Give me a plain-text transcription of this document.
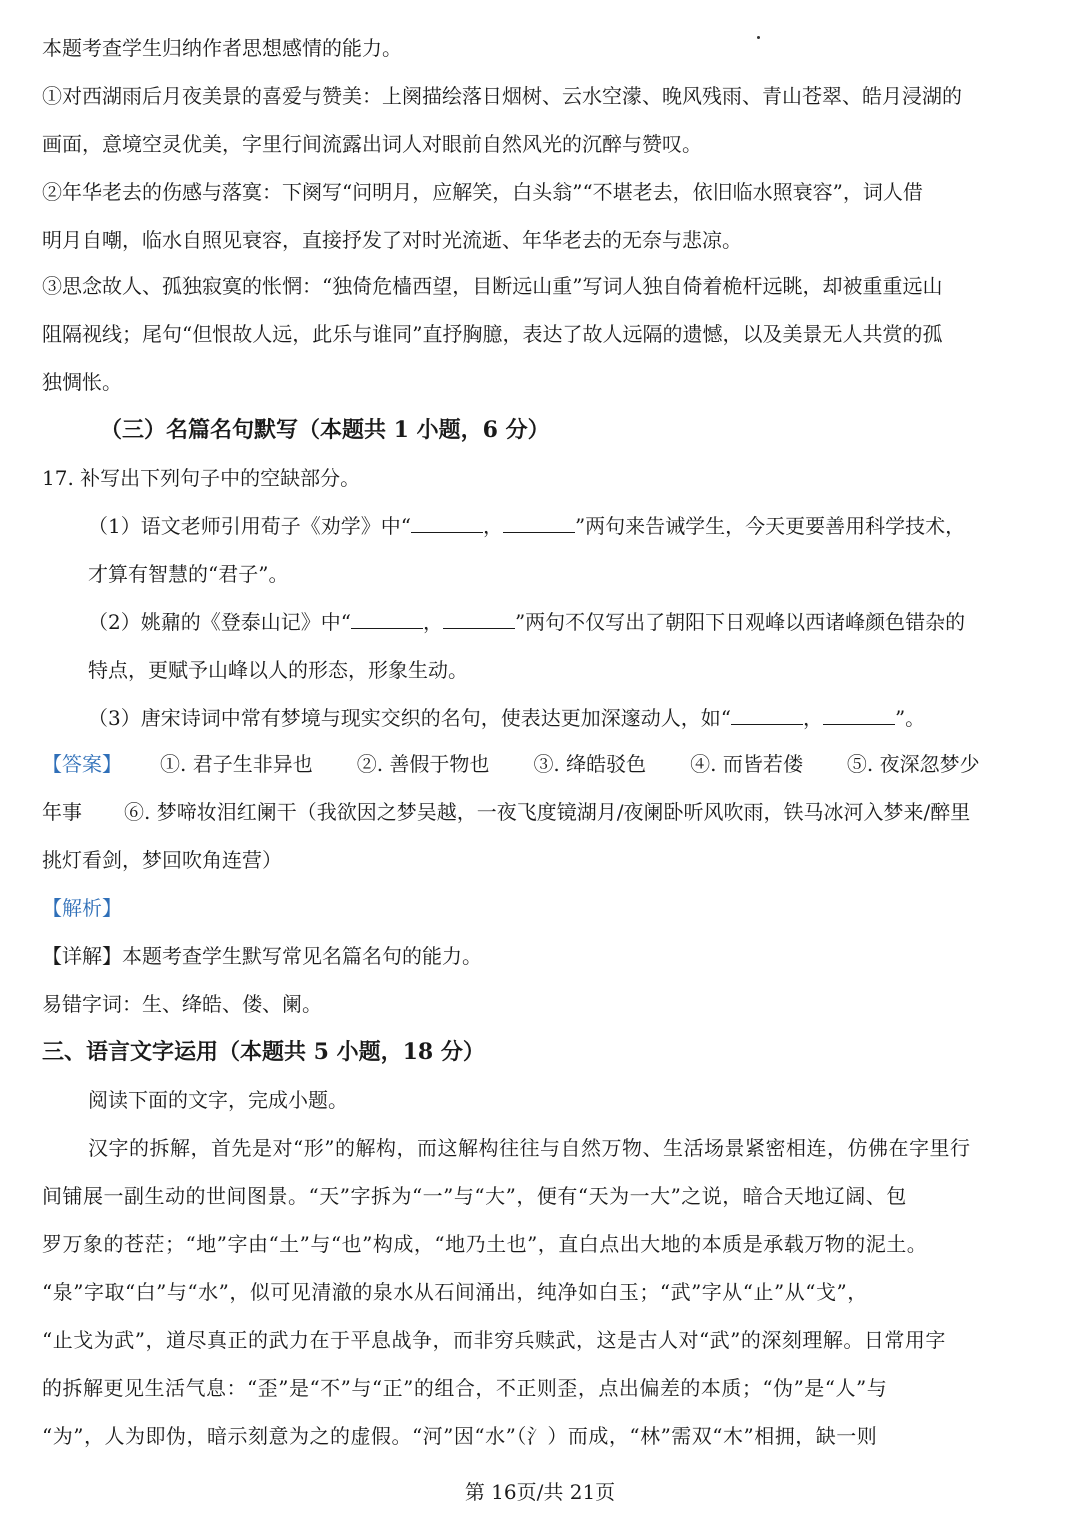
本题考查学生归纳作者思想感情的能力。
①对西湖雨后月夜美景的喜爱与赞美：上阕描绘落日烟树、云水空濛、晚风残雨、青山苍翠、皓月浸湖的
画面，意境空灵优美，字里行间流露出词人对眼前自然风光的沉醉与赞叹。
②年华老去的伤感与落寞：下阕写“问明月，应解笑，白头翁”“不堪老去，依旧临水照衰容”，词人借
明月自嘲，临水自照见衰容，直接抒发了对时光流逝、年华老去的无奈与悲凉。
③思念故人、孤独寂寞的怅惘：“独倚危樯西望，目断远山重”写词人独自倚着桅杆远眺，却被重重远山
阻隔视线；尾句“但恨故人远，此乐与谁同”直抒胸臆，表达了故人远隔的遗憾，以及美景无人共赏的孤
独惆怅。
（三）名篇名句默写（本题共 1 小题，6 分）
17. 补写出下列句子中的空缺部分。
（1）语文老师引用荀子《劝学》中“	，	”两句来告诫学生，今天更要善用科学技术，
才算有智慧的“君子”。
（2）姚鼐的《登泰山记》中“	，	”两句不仅写出了朝阳下日观峰以西诸峰颜色错杂的
特点，更赋予山峰以人的形态，形象生动。
（3）唐宋诗词中常有梦境与现实交织的名句，使表达更加深邃动人，如“	，	”。
【答案】 ①. 君子生非异也 ②. 善假于物也 ③. 绛皓驳色 ④. 而皆若偻 ⑤. 夜深忽梦少
年事 ⑥. 梦啼妆泪红阑干（我欲因之梦吴越，一夜飞度镜湖月/夜阑卧听风吹雨，铁马冰河入梦来/醉里
挑灯看剑，梦回吹角连营）
【解析】
【详解】本题考查学生默写常见名篇名句的能力。
易错字词：生、绛皓、偻、阑。
三、语言文字运用（本题共 5 小题，18 分）
阅读下面的文字，完成小题。
汉字的拆解，首先是对“形”的解构，而这解构往往与自然万物、生活场景紧密相连，仿佛在字里行
间铺展一副生动的世间图景。“天”字拆为“一”与“大”，便有“天为一大”之说，暗合天地辽阔、包
罗万象的苍茫；“地”字由“土”与“也”构成，“地乃土也”，直白点出大地的本质是承载万物的泥土。
“泉”字取“白”与“水”，似可见清澈的泉水从石间涌出，纯净如白玉；“武”字从“止”从“戈”，
“止戈为武”，道尽真正的武力在于平息战争，而非穷兵赎武，这是古人对“武”的深刻理解。日常用字
的拆解更见生活气息：“歪”是“不”与“正”的组合，不正则歪，点出偏差的本质；“伪”是“人”与
“为”，人为即伪，暗示刻意为之的虚假。“河”因“水”（氵）而成，“林”需双“木”相拥，缺一则
第 16页/共 21页
